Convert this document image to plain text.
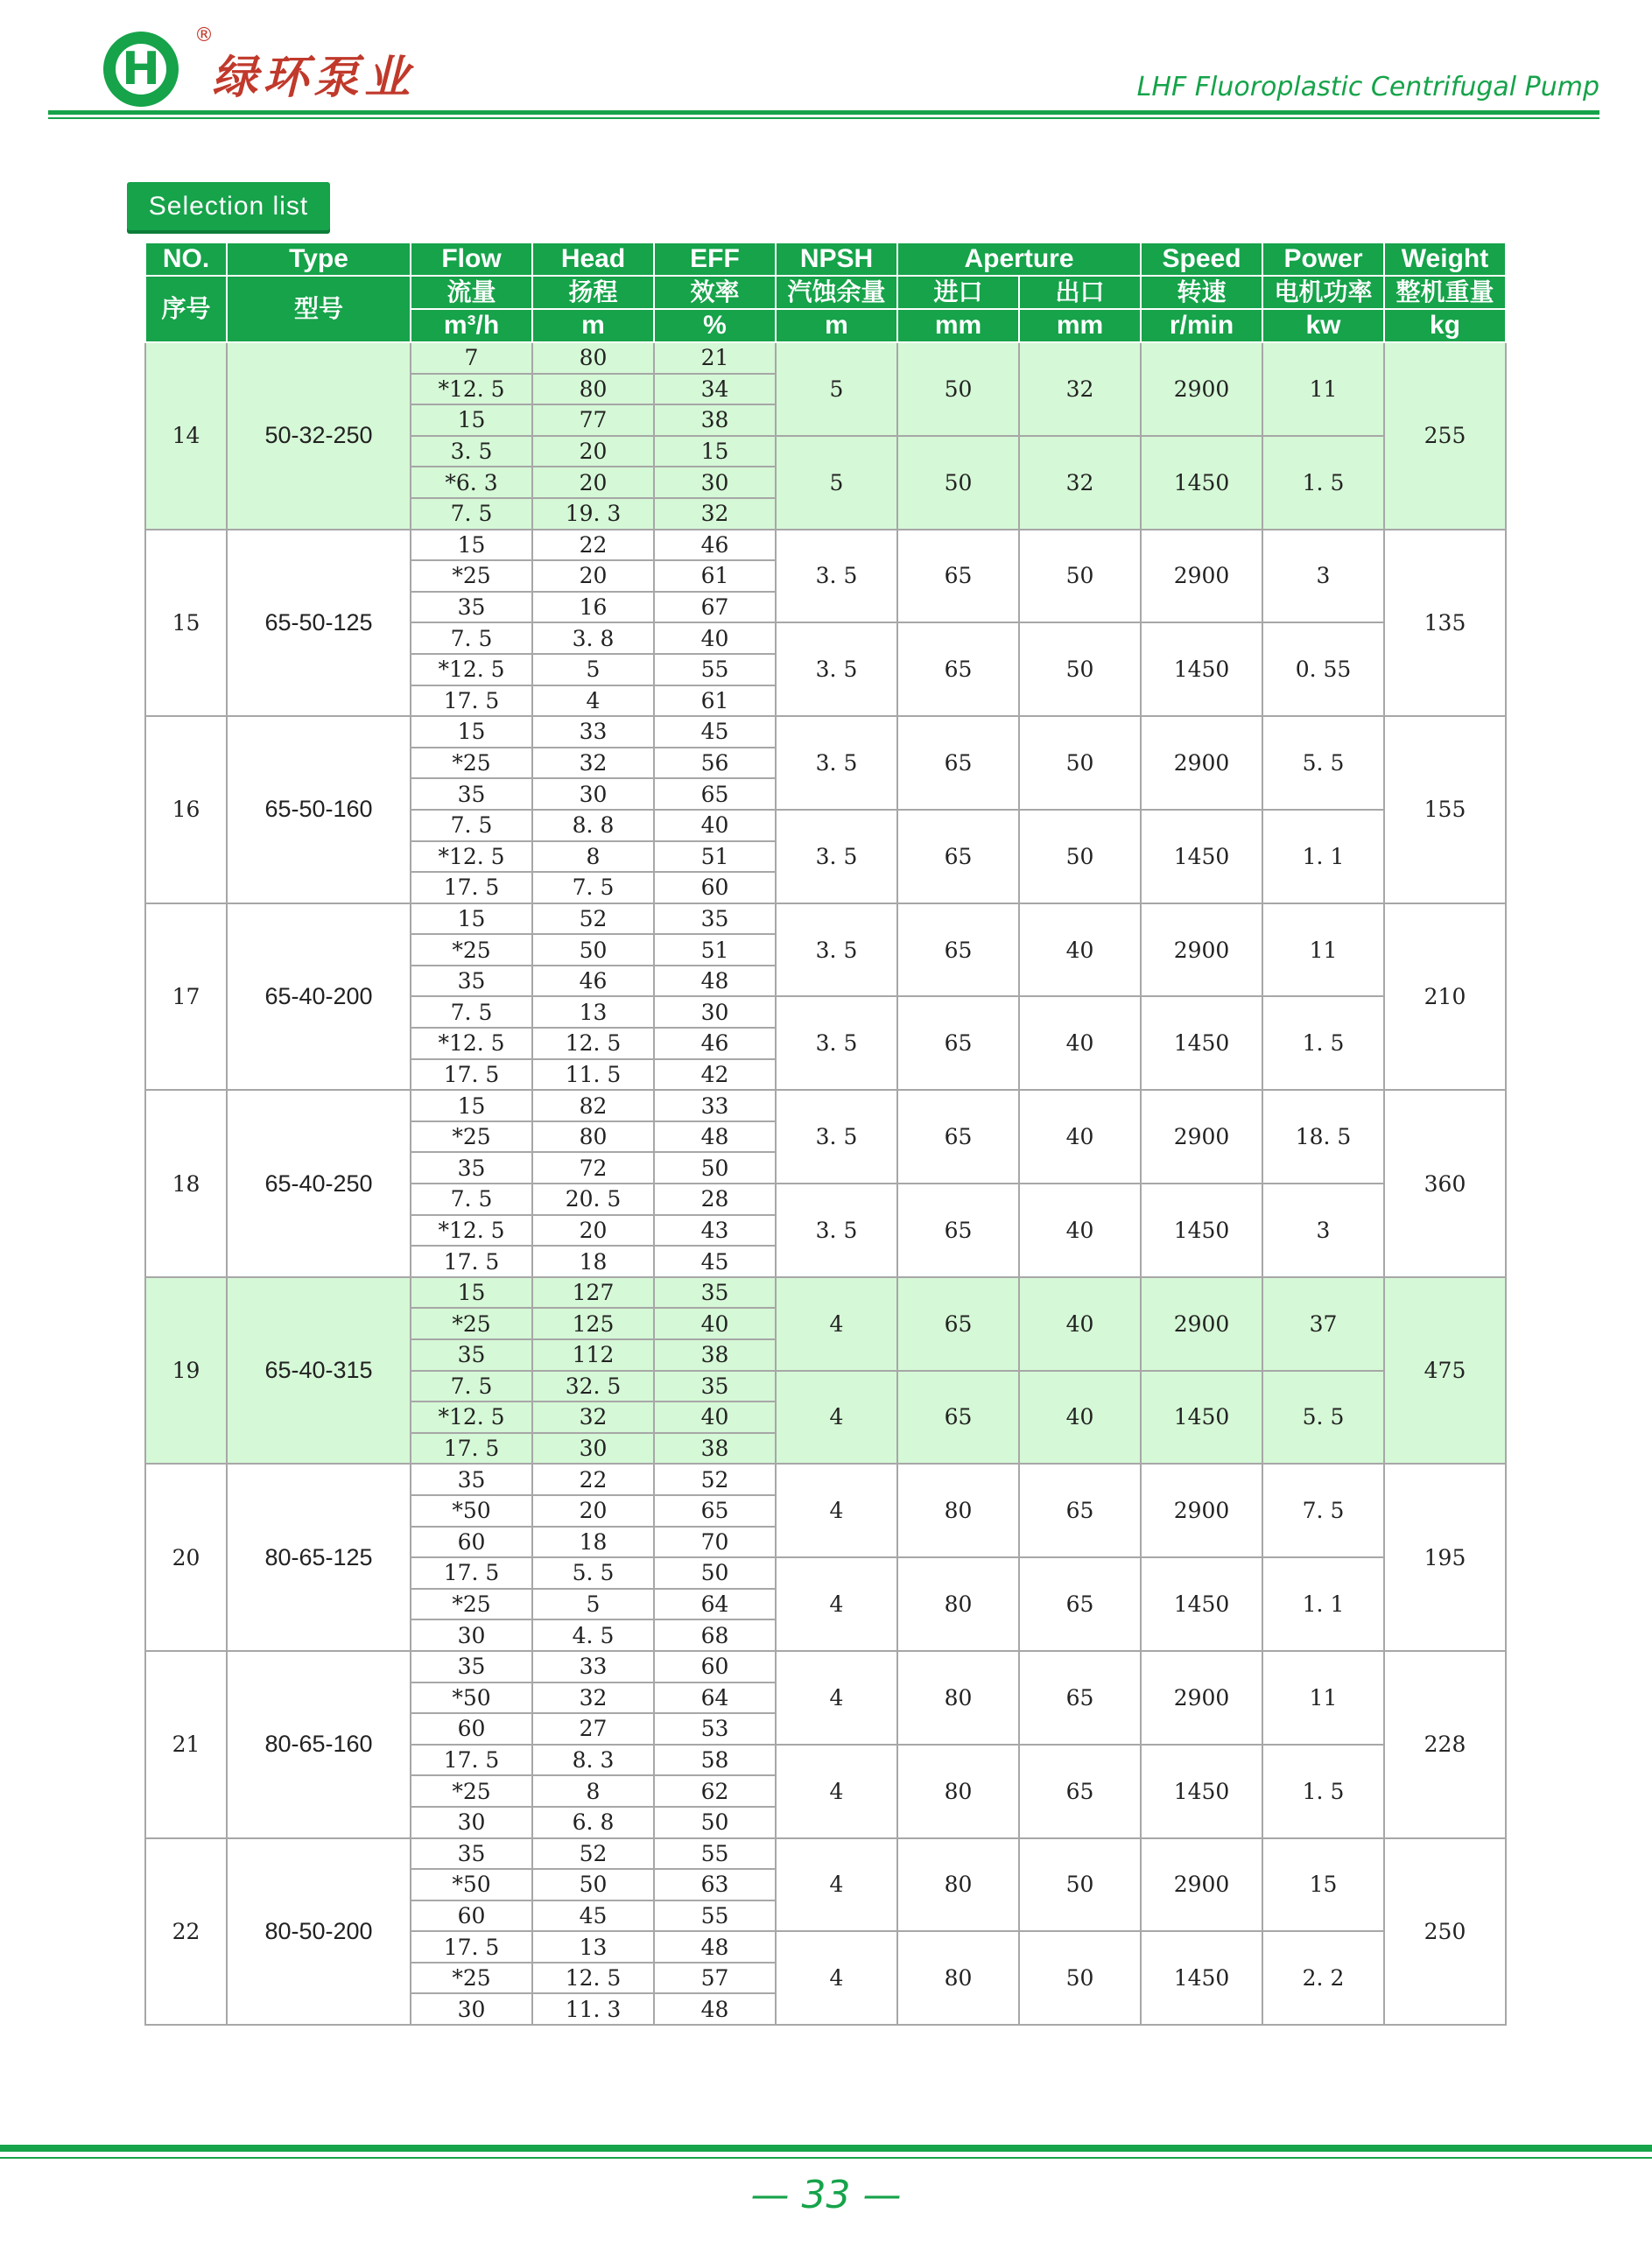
H
®
绿环泵业	LHF Fluoroplastic Centrifugal Pump
Selection list
NO.	Type	Flow	Head	EFF	NPSH	Aperture		Speed	Power	Weight
序号	型号	流量	扬程	效率	汽蚀余量	进口	出口	转速	电机功率	整机重量
		m³/h	m	%	m	mm	mm	r/min	kw	kg
14	50-32-250	7	80	21	5	50	32	2900	11	255
		*12. 5	80	34						
		15	77	38						
		3. 5	20	15	5	50	32	1450	1. 5	
		*6. 3	20	30						
		7. 5	19. 3	32						
15	65-50-125	15	22	46	3. 5	65	50	2900	3	135
		*25	20	61						
		35	16	67						
		7. 5	3. 8	40	3. 5	65	50	1450	0. 55	
		*12. 5	5	55						
		17. 5	4	61						
16	65-50-160	15	33	45	3. 5	65	50	2900	5. 5	155
		*25	32	56						
		35	30	65						
		7. 5	8. 8	40	3. 5	65	50	1450	1. 1	
		*12. 5	8	51						
		17. 5	7. 5	60						
17	65-40-200	15	52	35	3. 5	65	40	2900	11	210
		*25	50	51						
		35	46	48						
		7. 5	13	30	3. 5	65	40	1450	1. 5	
		*12. 5	12. 5	46						
		17. 5	11. 5	42						
18	65-40-250	15	82	33	3. 5	65	40	2900	18. 5	360
		*25	80	48						
		35	72	50						
		7. 5	20. 5	28	3. 5	65	40	1450	3	
		*12. 5	20	43						
		17. 5	18	45						
19	65-40-315	15	127	35	4	65	40	2900	37	475
		*25	125	40						
		35	112	38						
		7. 5	32. 5	35	4	65	40	1450	5. 5	
		*12. 5	32	40						
		17. 5	30	38						
20	80-65-125	35	22	52	4	80	65	2900	7. 5	195
		*50	20	65						
		60	18	70						
		17. 5	5. 5	50	4	80	65	1450	1. 1	
		*25	5	64						
		30	4. 5	68						
21	80-65-160	35	33	60	4	80	65	2900	11	228
		*50	32	64						
		60	27	53						
		17. 5	8. 3	58	4	80	65	1450	1. 5	
		*25	8	62						
		30	6. 8	50						
22	80-50-200	35	52	55	4	80	50	2900	15	250
		*50	50	63						
		60	45	55						
		17. 5	13	48	4	80	50	1450	2. 2	
		*25	12. 5	57						
		30	11. 3	48						
— 33 —
